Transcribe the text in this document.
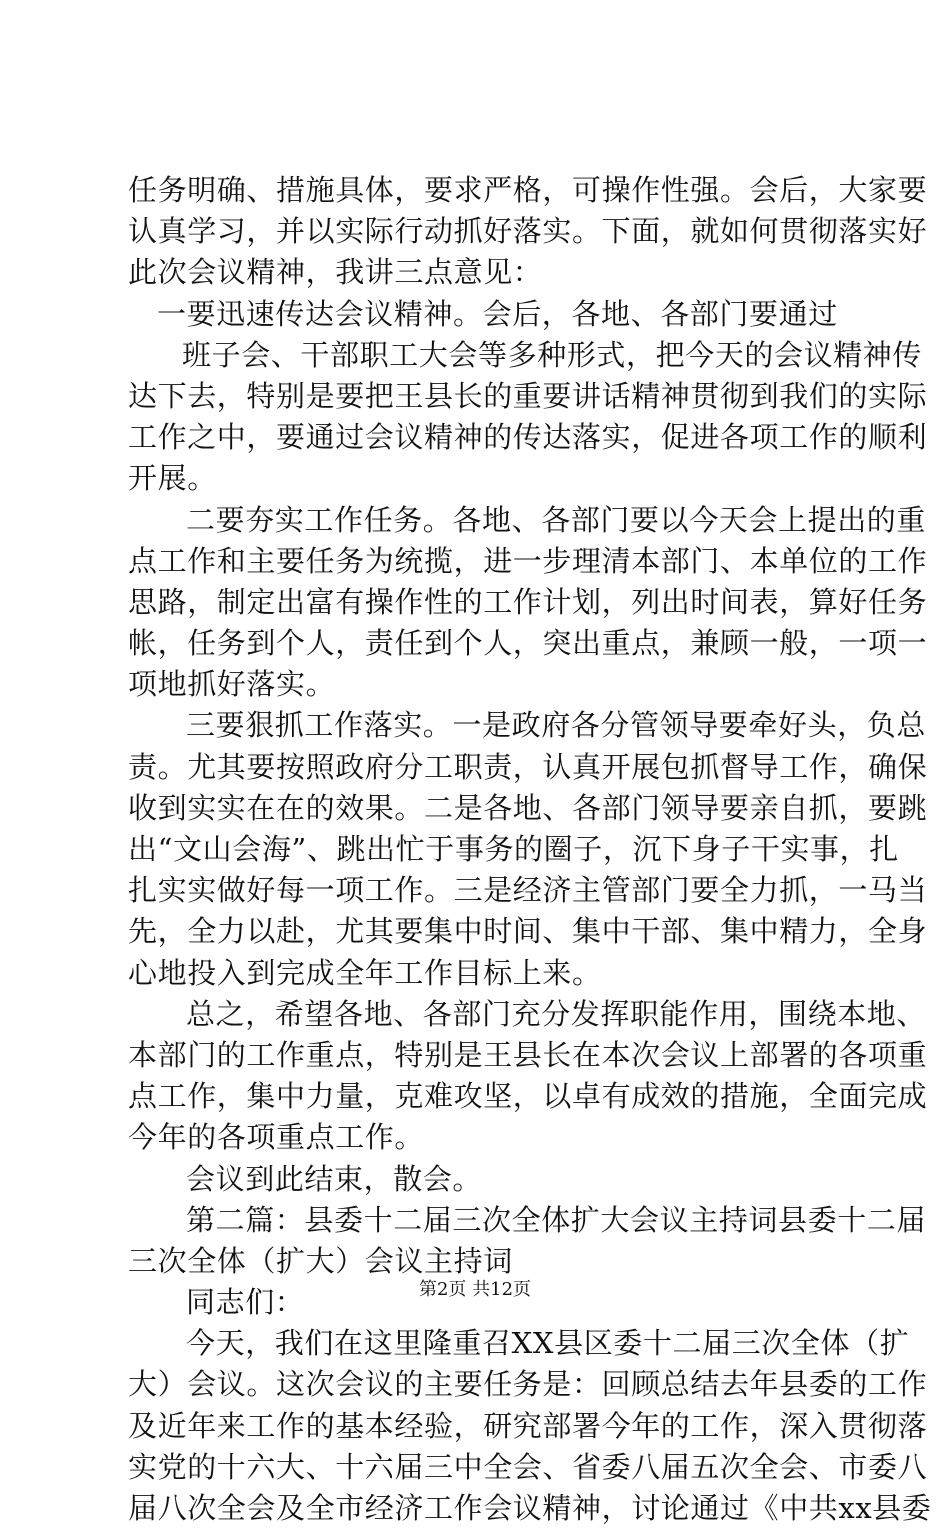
任务明确、措施具体，要求严格，可操作性强。会后，大家要
认真学习，并以实际行动抓好落实。下面，就如何贯彻落实好
此次会议精神，我讲三点意见：
一要迅速传达会议精神。会后，各地、各部门要通过
班子会、干部职工大会等多种形式，把今天的会议精神传
达下去，特别是要把王县长的重要讲话精神贯彻到我们的实际
工作之中，要通过会议精神的传达落实，促进各项工作的顺利
开展。
二要夯实工作任务。各地、各部门要以今天会上提出的重
点工作和主要任务为统揽，进一步理清本部门、本单位的工作
思路，制定出富有操作性的工作计划，列出时间表，算好任务
帐，任务到个人，责任到个人，突出重点，兼顾一般，一项一
项地抓好落实。
三要狠抓工作落实。一是政府各分管领导要牵好头，负总
责。尤其要按照政府分工职责，认真开展包抓督导工作，确保
收到实实在在的效果。二是各地、各部门领导要亲自抓，要跳
出“文山会海”、跳出忙于事务的圈子，沉下身子干实事，扎
扎实实做好每一项工作。三是经济主管部门要全力抓，一马当
先，全力以赴，尤其要集中时间、集中干部、集中精力，全身
心地投入到完成全年工作目标上来。
总之，希望各地、各部门充分发挥职能作用，围绕本地、
本部门的工作重点，特别是王县长在本次会议上部署的各项重
点工作，集中力量，克难攻坚，以卓有成效的措施，全面完成
今年的各项重点工作。
会议到此结束，散会。
第二篇：县委十二届三次全体扩大会议主持词县委十二届
三次全体（扩大）会议主持词
同志们：
今天，我们在这里隆重召XX县区委十二届三次全体（扩
大）会议。这次会议的主要任务是：回顾总结去年县委的工作
及近年来工作的基本经验，研究部署今年的工作，深入贯彻落
实党的十六大、十六届三中全会、省委八届五次全会、市委八
届八次全会及全市经济工作会议精神，讨论通过《中共xx县委
第2页 共12页
